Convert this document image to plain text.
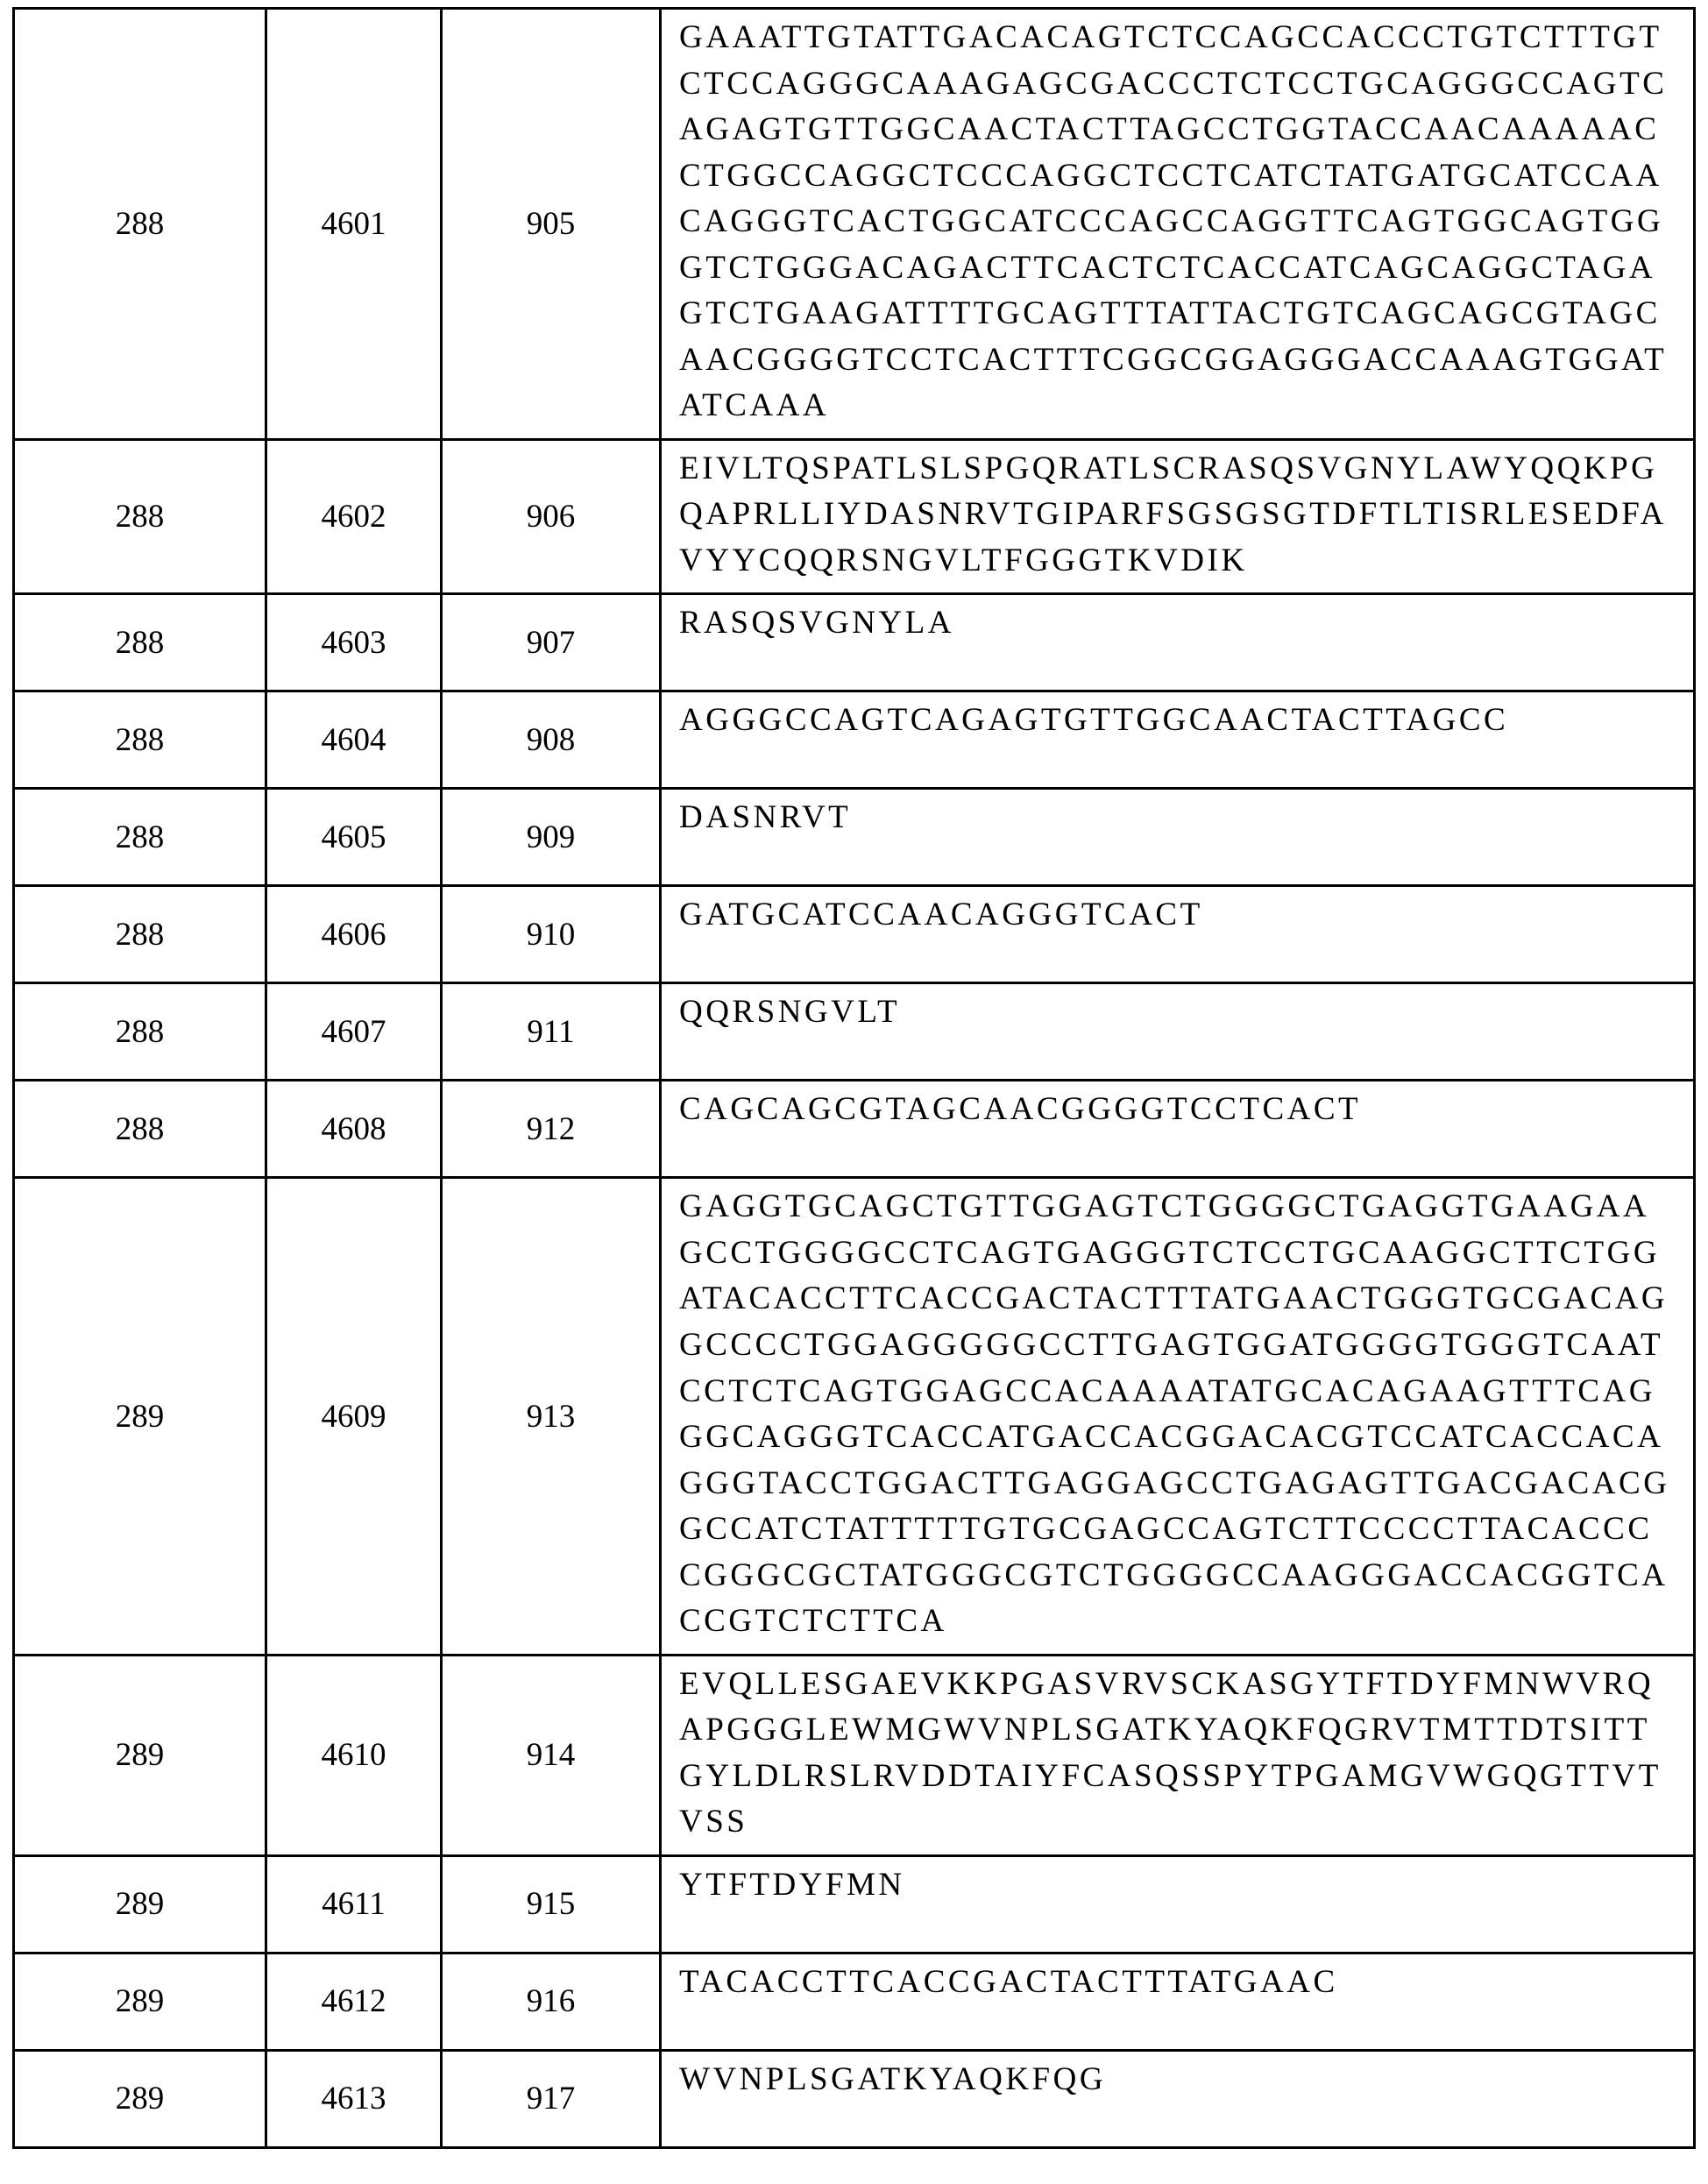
288	4601	905	GAAATTGTATTGACACAGTCTCCAGCCACCCTGTCTTTGTCTCCAGGGCAAAGAGCGACCCTCTCCTGCAGGGCCAGTCAGAGTGTTGGCAACTACTTAGCCTGGTACCAACAAAAACCTGGCCAGGCTCCCAGGCTCCTCATCTATGATGCATCCAACAGGGTCACTGGCATCCCAGCCAGGTTCAGTGGCAGTGGGTCTGGGACAGACTTCACTCTCACCATCAGCAGGCTAGAGTCTGAAGATTTTGCAGTTTATTACTGTCAGCAGCGTAGCAACGGGGTCCTCACTTTCGGCGGAGGGACCAAAGTGGATATCAAA

288	4602	906	EIVLTQSPATLSLSPGQRATLSCRASQSVGNYLAWYQQKPGQAPRLLIYDASNRVTGIPARFSGSGSGTDFTLTISRLESEDFAVYYCQQRSNGVLTFGGGTKVDIK

288	4603	907	RASQSVGNYLA

288	4604	908	AGGGCCAGTCAGAGTGTTGGCAACTACTTAGCC

288	4605	909	DASNRVT

288	4606	910	GATGCATCCAACAGGGTCACT

288	4607	911	QQRSNGVLT

288	4608	912	CAGCAGCGTAGCAACGGGGTCCTCACT

289	4609	913	GAGGTGCAGCTGTTGGAGTCTGGGGCTGAGGTGAAGAAGCCTGGGGCCTCAGTGAGGGTCTCCTGCAAGGCTTCTGGATACACCTTCACCGACTACTTTATGAACTGGGTGCGACAGGCCCCTGGAGGGGGCCTTGAGTGGATGGGGTGGGTCAATCCTCTCAGTGGAGCCACAAAATATGCACAGAAGTTTCAGGGCAGGGTCACCATGACCACGGACACGTCCATCACCACAGGGTACCTGGACTTGAGGAGCCTGAGAGTTGACGACACGGCCATCTATTTTTGTGCGAGCCAGTCTTCCCCTTACACCCCGGGCGCTATGGGCGTCTGGGGCCAAGGGACCACGGTCACCGTCTCTTCA

289	4610	914	EVQLLESGAEVKKPGASVRVSCKASGYTFTDYFMNWVRQAPGGGLEWMGWVNPLSGATKYAQKFQGRVTMTTDTSITTGYLDLRSLRVDDTAIYFCASQSSPYTPGAMGVWGQGTTVTVSS

289	4611	915	YTFTDYFMN

289	4612	916	TACACCTTCACCGACTACTTTATGAAC

289	4613	917	WVNPLSGATKYAQKFQG
